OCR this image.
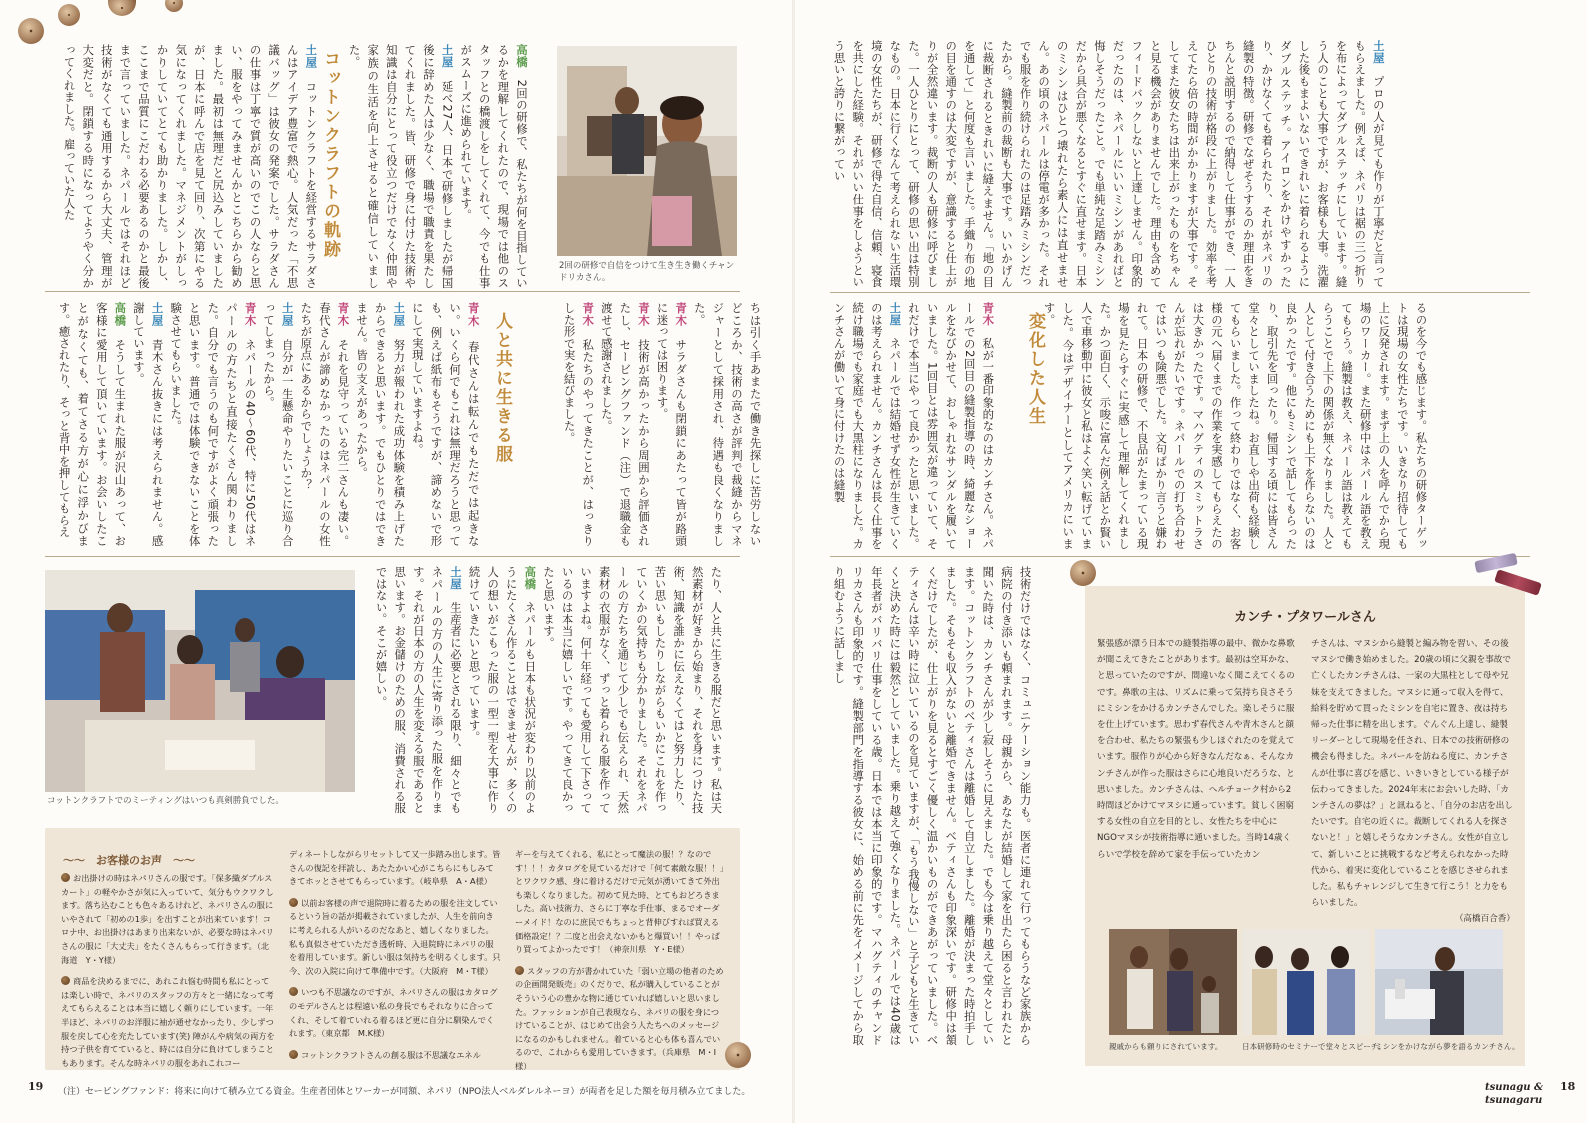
2回の研修で自信をつけて生き生き働くチャンドリカさん。

高橋　2回の研修で、私たちが何を目指しているかを理解してくれたので、現場では他のスタッフとの橋渡しをしてくれて、今でも仕事がスムーズに進められています。

土屋　延べ27人、日本で研修しましたが帰国後に辞めた人は少なく、職場で職責を果たしてくれました。皆、研修で身に付けた技術や知識は自分にとって役立つだけでなく仲間や家族の生活を向上させると確信していました。

コットンクラフトの軌跡

土屋　コットンクラフトを経営するサラダさんはアイデア豊富で熱心。人気だった「不思議バッグ」は彼女の発案でした。サラダさんの仕事は丁寧で質が高いのでこの人ならと思い、服をやってみませんかとこちらから勧めました。最初は無理だと尻込みしていましたが、日本に呼んで店を見て回り、次第にやる気になってくれました。マネジメントがしっかりしていてとても助かりました。しかし、ここまで品質にこだわる必要あるのかと最後まで言っていました。ネパールではそれほど技術がなくても通用するから大丈夫、管理が大変だと。閉鎖する時になってようやく分かってくれました。雇っていた人た

ちは引く手あまたで働き先探しに苦労しないどころか、技術の高さが評判で裁縫からマネジャーとして採用され、待遇も良くなりました。

青木　サラダさんも閉鎖にあたって皆が路頭に迷っては困ります。

青木　技術が高かったから周囲から評価されたし、セービングファンド（注）で退職金も渡せて感謝されました。

青木　私たちのやってきたことが、はっきりした形で実を結びました。

人と共に生きる服

青木　春代さんは転んでもただでは起きない。いくら何でもこれは無理だろうと思っても、例えば紙布もそうですが、諦めないで形にして実現していますよね。

土屋　努力が報われた成功体験を積み上げたからできると思います。でもひとりではできません。皆の支えがあったから。

青木　それを見守っている完二さんも凄い。春代さんが諦めなかったのはネパールの女性たちが原点にあるからでしょうか？

土屋　自分が一生懸命やりたいことに巡り合ってしまったから。

青木　ネパールの40〜60代、特に50代はネパールの方たちと直接たくさん関わりました。自分でも言うのも何ですがよく頑張ったと思います。普通では体験できないことを体験させてもらいました。

土屋　青木さん抜きには考えられません。感謝しています。

高橋　そうして生まれた服が沢山あって、お客様に愛用して頂いています。お会いしたことがなくても、着てさる方が心に浮かびます。癒されたり、そっと背中を押してもらえ

コットンクラフトでのミーティングはいつも真剣勝負でした。	たり、人と共に生きる服だと思います。私は天然素材が好きから始まり、それを身につけた技術、知識を誰かに伝えなくてはと努力したり、苦い思いもしたりしながらもいかにこれを作っていくかの気持ちも分かりました。それをネパールの方たちを通じて少しでも伝えられ、天然素材の衣服がなく、ずっと着られる服を作っていますよね。何十年経っても愛用して下さっているのは本当に嬉しいです。やってきて良かったと思います。

高橋　ネパールも日本も状況が変わり以前のようにたくさん作ることはできませんが、多くの人の想いがこもった服の一型一型を大事に作り続けていきたいと思っています。

土屋　生産者に必要とされる限り、細々とでもネパールの方の人生に寄り添った服を作ります。それが日本の方の人生を変える服であると思います。お金儲けのための服、消費される服ではない。そこが嬉しい。

～～　お客様のお声　～～

お出掛けの時はネパリさんの服です。「保多織ダブルスカート」の軽やかさが気に入っていて、気分もウクワクします。落ち込むことも色々あるけれど、ネパリさんの服にいやされて「初めの1歩」を出すことが出来ています！コロナ中、お出掛けはあまり出来ないが、必要な時はネパリさんの服に「大丈夫」をたくさんもらって行きます。（北海道　Y・Y様）

商品を決めるまでに、あれこれ悩む時間も私にとっては楽しい時で、ネパリのスタッフの方々と一緒になって考えてもらえることは本当に嬉しく頼りにしています。一年半ほど、ネパリのお洋服に袖が通せなかったり、少しずつ服を戻して心を充たしています(笑) 陣がんや病気の両方を持つ子供を育てていると、時には自分に負けてしまうこともあります。そんな時ネパリの服をあれこれコー

ディネートしながらリセットして又一歩踏み出します。皆さんの復記を拝読し、あたたかい心がこちらにもしみてきてホッとさせてもらっています。（岐阜県　A・A様）

以前お客様の声で退院時に着るための服を注文しているという旨の話が掲載されていましたが、人生を前向きに考えられる人がいるのだなあと、嬉しくなりました。私も真似させていただき透析時、入退院時にネパリの服を着用しています。新しい服は気持ちを明るくします。只今、次の入院に向けて準備中です。（大阪府　M・T様）

いつも不思議なのですが、ネパリさんの服はカタログのモデルさんとは程遠い私の身長でもそれなりに合ってくれ、そして着ていれる着るほど更に自分に馴染んでくれます。（東京都　M.K様）

コットンクラフトさんの創る服は不思議なエネル

ギーを与えてくれる、私にとって魔法の服！？なのです！！！カタログを見ているだけで「何て素敵な服！！」とワクワク感、身に着けるだけで元気が湧いてきて外出も楽しくなりました。初めて見た時、とてもおどろきました。高い技術力、さらに丁寧な手仕事、まるでオーダーメイド！なのに庶民でもちょっと背伸びすれば買える価格設定！？二度と出会えないかもと爆買い！！やっぱり買ってよかったです！（神奈川県　Y・E様）

スタッフの方が書かれていた「弱い立場の他者のための企画開発販売」のくだりで、私が購入していることがそういう心の豊かな物に通じていれば嬉しいと思いました。ファッションが自己表現なら、ネパリの服を身につけていることが、はじめて出会う人たちへのメッセージになるのかもしれません。着ていると心も体も喜んでいるので、これからも愛用していきます。（兵庫県　M・I様）

19 （注）セービングファンド：将来に向けて積み立てる資金。生産者団体とワーカーが同額、ネパリ（NPO法人ベルダレルネーヨ）が両者を足した額を毎月積み立てました。

土屋　プロの人が見ても作りが丁寧だと言ってもらえました。例えば、ネパリは裾の三つ折りを布によってダブルステッチにしています。縫う人のことも大事ですが、お客様も大事。洗濯した後もまよいないできれいに着られるようにダブルステッチ。アイロンをかけやすかったり、かけなくても着られたり、それがネパリの縫製の特徴。研修でなぜそうするのか理由をきちんと説明するので納得して仕事ができ、一人ひとりの技術が格段に上がりました。効率を考えてたら倍の時間がかかりますが大事です。そしてまた彼女たちは出来上がったものをちゃんと見る機会がありませんでした。理由も含めてフィードバックしないと上達しません。印象的だったのは、ネパールにいいミシンがあればと悔しそうだったこと。でも単純な足踏みミシンだから具合が悪くなるとすぐに直せます。日本のミシンはひとつ壊れたら素人には直せません。あの頃のネパールは停電が多かった。それでも服を作り続けられたのは足踏みミシンだったから。縫製前の裁断も大事です。いいかげんに裁断されるときれいに縫えません。「地の目を通して」と何度も言いました。手織り布の地の目を通すのは大変ですが、意識すると仕上がりが全然違います。裁断の人も研修に呼びました。一人ひとりにとって、研修の思い出は特別なもの。日本に行くなんて考えられない生活環境の女性たちが、研修で得た自信、信頼、寝食を共にした経験。それがいい仕事をしようという思いと誇りに繋がってい

るのを今でも感じます。私たちの研修ターゲットは現場の女性たちです。いきなり招待しても上に反発されます。まず上の人を呼んでから現場のワーカー。また研修中はネパール語を教えてもらう。縫製は教え、ネパール語は教えてもらうことで上下の関係が無くなりました。人と人として付き合うためにも上下を作らないのは良かったです。他にもミシンで話してもらったり、取引先を回ったり。帰国する頃には皆さん堂々としていましたね。お直しや出荷も経験してもらいました。作って終わりではなく、お客様の元へ届くまでの作業を実感してもらえたのは大きかったです。マハグティのスミットラさんが忘れがたいです。ネパールでの打ち合わせではいつも険悪でした。文句ばかり言うと嫌われて。日本の研修で、不良品がたまっている現場を見たらすぐに実感して理解してくれました。かつ面白く、示唆に富んだ例え話とか賢い人で車移動中に彼女と私はよく笑い転げていました。今はデザイナーとしてアメリカにいます。

変化した人生

青木　私が一番印象的なのはカンチさん。ネパールでの2回目の縫製指導の時、綺麗なショールをなびかせて、おしゃれなサンダルを履いていました。1回目とは雰囲気が違っていて、それだけで本当にやって良かったと思いました。

土屋　ネパールでは結婚せず女性が生きていくのは考えられません。カンチさんは長く仕事を続け職場でも家庭でも大黒柱になりました。カンチさんが働いて身に付けたのは縫製

技術だけではなく、コミュニケーション能力も。医者に連れて行ってもらうなど家族から病院の付き添いも頼まれます。母親から、あなたが結婚して家を出たら困ると言われたと聞いた時は、カンチさんが少し寂しそうに見えました。でも今は乗り越えて堂々としています。コットンクラフトのベティさんは離婚して自立しました。離婚が決まった時拍手しました。そもそも収入がないと離婚できません。ベティさんも印象深いです。研修中は頷くだけでしたが、仕上がりを見るとすごく優しく温かいものができあがっていました。ベティさんは辛い時に泣いているのを見ていますが、「もう我慢しない」と子どもと生きていくと決めた時には毅然としていました。乗り越えて強くなりました。ネパールでは40歳は年長者がバリバリ仕事をしている歳。日本では本当に印象的です。マハグティのチャンドリカさんも印象的です。縫製部門を指導する彼女に、始める前に先をイメージしてから取り組むように話しまし	カンチ・プタワールさん
緊張感が漂う日本での縫製指導の最中、微かな鼻歌が聞こえてきたことがあります。最初は空耳かな、と思っていたのですが、間違いなく聞こえてくるのです。鼻歌の主は、リズムに乗って気持ち良さそうにミシンをかけるカンチさんでした。楽しそうに服を仕上げています。思わず春代さんや青木さんと顔を合わせ、私たちの緊張も少しほぐれたのを覚えています。服作りが心から好きなんだなぁ、そんなカンチさんが作った服はさらに心地良いだろうな、と思いました。カンチさんは、ヘルチョーク村から2時間ほどかけてマヌシに通っています。貧しく困窮する女性の自立を目的とし、女性たちを中心にNGOマヌシが技術指導に通いました。当時14歳くらいで学校を辞めて家を手伝っていたカン
チさんは、マヌシから縫製と編み物を習い、その後マヌシで働き始めました。20歳の頃に父親を事故で亡くしたカンチさんは、一家の大黒柱として母や兄妹を支えてきました。マヌシに通って収入を得て、給料を貯めて買ったミシンを自宅に置き、夜は持ち帰った仕事に精を出します。ぐんぐん上達し、縫製リーダーとして現場を任され、日本での技術研修の機会も得ました。ネパールを訪ねる度に、カンチさんが仕事に喜びを感じ、いきいきとしている様子が伝わってきました。2024年末にお会いした時、「カンチさんの夢は？」と訊ねると、「自分のお店を出したいです。自宅の近くに。裁断してくれる人を探さないと！」と嬉しそうなカンチさん。女性が自立して、新しいことに挑戦するなど考えられなかった時代から、着実に変化していることを感じさせられました。私もチャレンジして生きて行こう！と力をもらいました。
（高橋百合香）
親戚からも頼りにされています。	日本研修時のセミナーで堂々とスピーチ。
ミシンをかけながら夢を語るカンチさん。
tsunagu & tsunagaru
18
